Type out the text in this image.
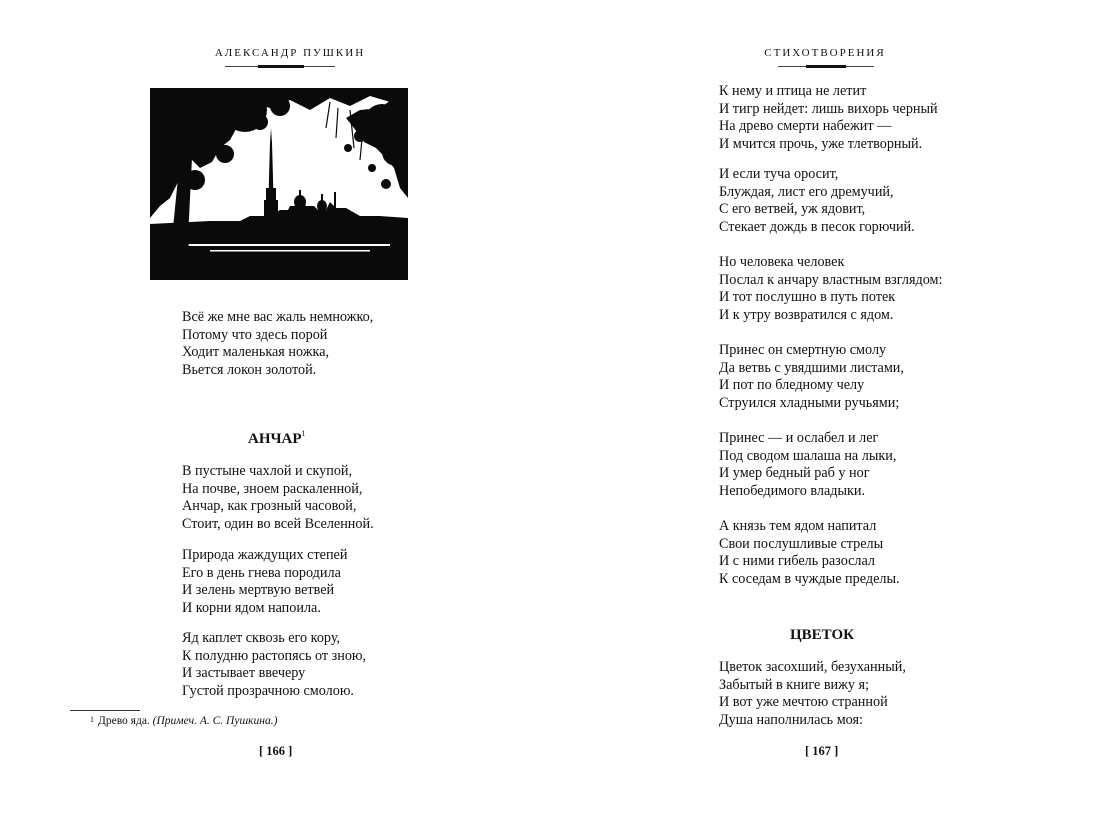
АЛЕКСАНДР ПУШКИН
Всё же мне вас жаль немножко,
Потому что здесь порой
Ходит маленькая ножка,
Вьется локон золотой.
АНЧАР$^1$
В пустыне чахлой и скупой,
На почве, зноем раскаленной,
Анчар, как грозный часовой,
Стоит, один во всей Вселенной.
Природа жаждущих степей
Его в день гнева породила
И зелень мертвую ветвей
И корни ядом напоила.
Яд каплет сквозь его кору,
К полудню растопясь от зною,
И застывает ввечеру
Густой прозрачною смолою.
$^1$ Древо яда. (Примеч. А. С. Пушкина.)
[ 166 ]
СТИХОТВОРЕНИЯ
К нему и птица не летит
И тигр нейдет: лишь вихорь черный
На древо смерти набежит —
И мчится прочь, уже тлетворный.
И если туча оросит,
Блуждая, лист его дремучий,
С его ветвей, уж ядовит,
Стекает дождь в песок горючий.
Но человека человек
Послал к анчару властным взглядом:
И тот послушно в путь потек
И к утру возвратился с ядом.
Принес он смертную смолу
Да ветвь с увядшими листами,
И пот по бледному челу
Струился хладными ручьями;
Принес — и ослабел и лег
Под сводом шалаша на лыки,
И умер бедный раб у ног
Непобедимого владыки.
А князь тем ядом напитал
Свои послушливые стрелы
И с ними гибель разослал
К соседам в чуждые пределы.
ЦВЕТОК
Цветок засохший, безуханный,
Забытый в книге вижу я;
И вот уже мечтою странной
Душа наполнилась моя:
[ 167 ]
